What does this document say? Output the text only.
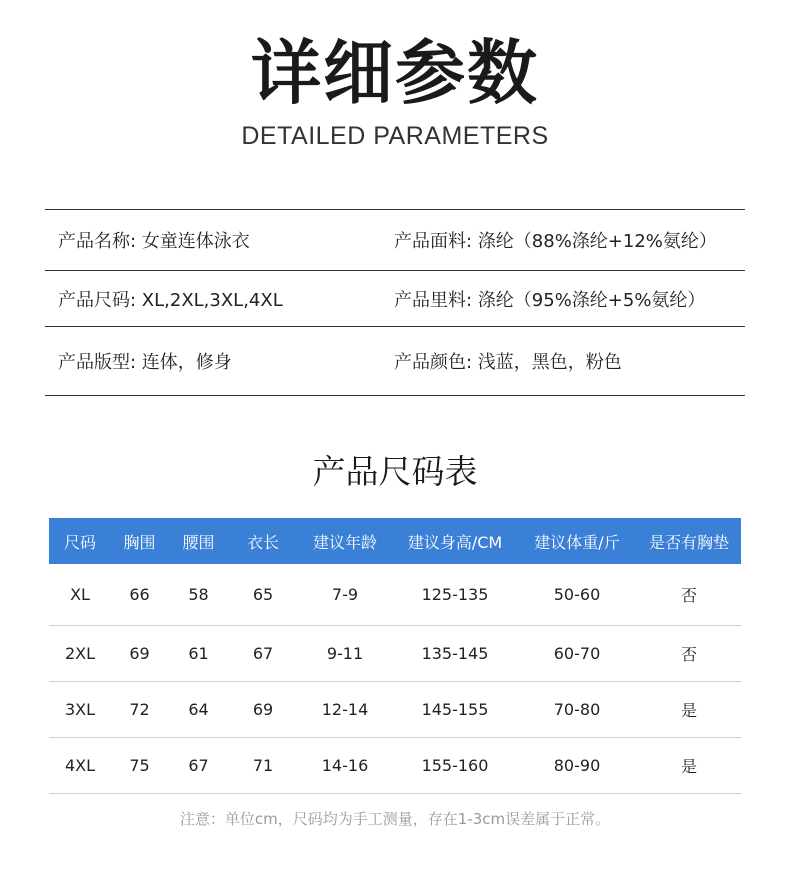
详细参数
DETAILED PARAMETERS
产品名称: 女童连体泳衣	产品面料: 涤纶（88%涤纶+12%氨纶）
产品尺码: XL,2XL,3XL,4XL	产品里料: 涤纶（95%涤纶+5%氨纶）
产品版型: 连体，修身	产品颜色: 浅蓝，黑色，粉色
产品尺码表
尺码	胸围	腰围	衣长	建议年龄	建议身高/CM	建议体重/斤	是否有胸垫
XL	66	58	65	7-9	125-135	50-60	否
2XL	69	61	67	9-11	135-145	60-70	否
3XL	72	64	69	12-14	145-155	70-80	是
4XL	75	67	71	14-16	155-160	80-90	是
注意：单位cm，尺码均为手工测量，存在1-3cm误差属于正常。
